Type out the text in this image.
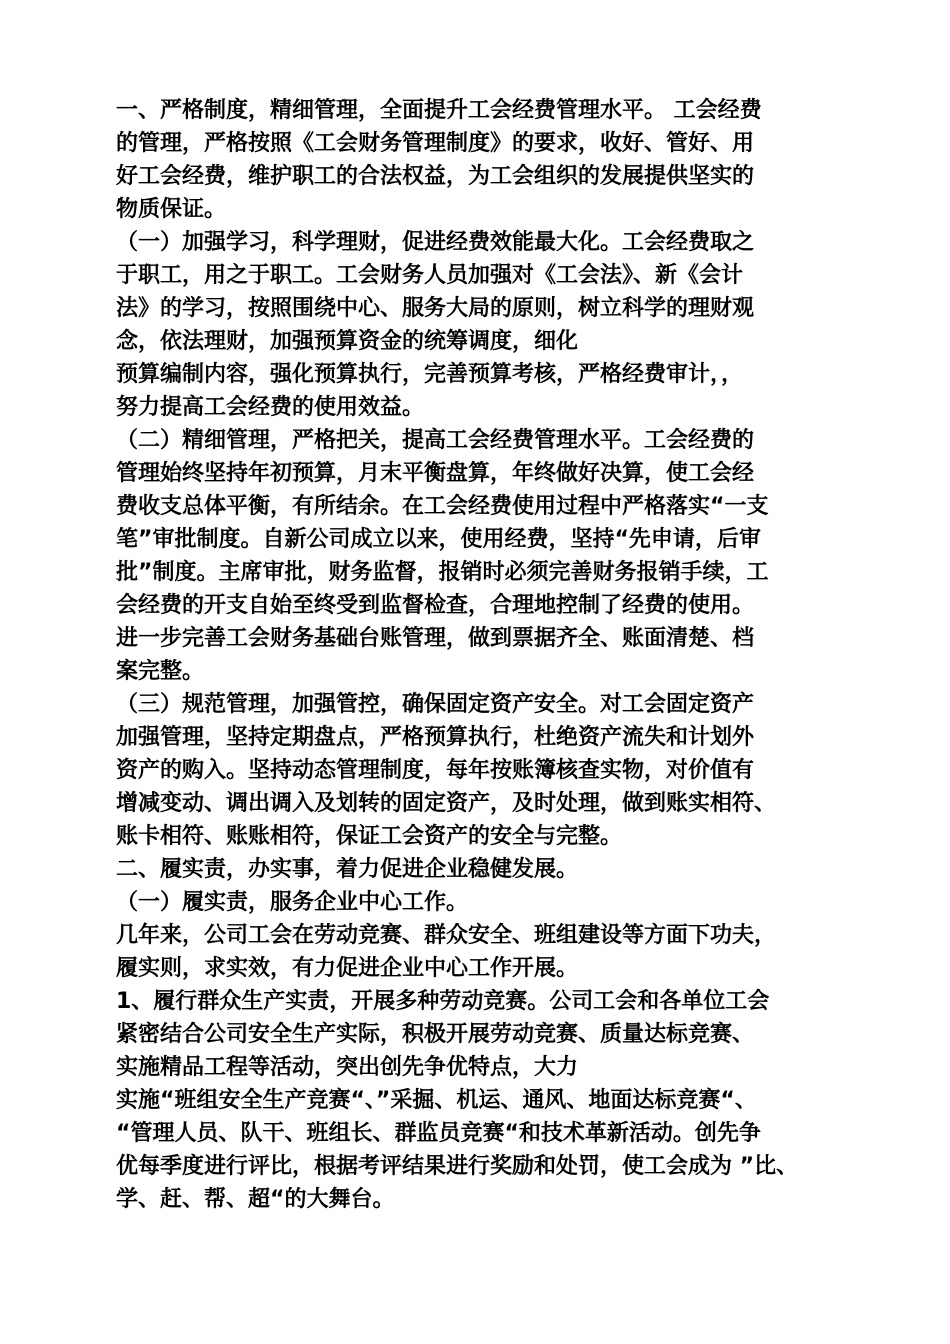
一、严格制度，精细管理，全面提升工会经费管理水平。 工会经费
的管理，严格按照《工会财务管理制度》的要求，收好、管好、用
好工会经费，维护职工的合法权益，为工会组织的发展提供坚实的
物质保证。
（一）加强学习，科学理财，促进经费效能最大化。工会经费取之
于职工，用之于职工。工会财务人员加强对《工会法》、新《会计
法》的学习，按照围绕中心、服务大局的原则，树立科学的理财观
念，依法理财，加强预算资金的统筹调度，细化
预算编制内容，强化预算执行，完善预算考核，严格经费审计，，
努力提高工会经费的使用效益。
（二）精细管理，严格把关，提高工会经费管理水平。工会经费的
管理始终坚持年初预算，月末平衡盘算，年终做好决算，使工会经
费收支总体平衡，有所结余。在工会经费使用过程中严格落实“一支
笔”审批制度。自新公司成立以来，使用经费，坚持“先申请，后审
批”制度。主席审批，财务监督，报销时必须完善财务报销手续，工
会经费的开支自始至终受到监督检查，合理地控制了经费的使用。
进一步完善工会财务基础台账管理，做到票据齐全、账面清楚、档
案完整。
（三）规范管理，加强管控，确保固定资产安全。对工会固定资产
加强管理，坚持定期盘点，严格预算执行，杜绝资产流失和计划外
资产的购入。坚持动态管理制度，每年按账簿核查实物，对价值有
增减变动、调出调入及划转的固定资产，及时处理，做到账实相符、
账卡相符、账账相符，保证工会资产的安全与完整。
二、履实责，办实事，着力促进企业稳健发展。
（一）履实责，服务企业中心工作。
几年来，公司工会在劳动竞赛、群众安全、班组建设等方面下功夫，
履实则，求实效，有力促进企业中心工作开展。
1、履行群众生产实责，开展多种劳动竞赛。公司工会和各单位工会
紧密结合公司安全生产实际，积极开展劳动竞赛、质量达标竞赛、
实施精品工程等活动，突出创先争优特点，大力
实施“班组安全生产竞赛“、”采掘、机运、通风、地面达标竞赛“、
“管理人员、队干、班组长、群监员竞赛“和技术革新活动。创先争
优每季度进行评比，根据考评结果进行奖励和处罚，使工会成为 ”比、
学、赶、帮、超“的大舞台。
